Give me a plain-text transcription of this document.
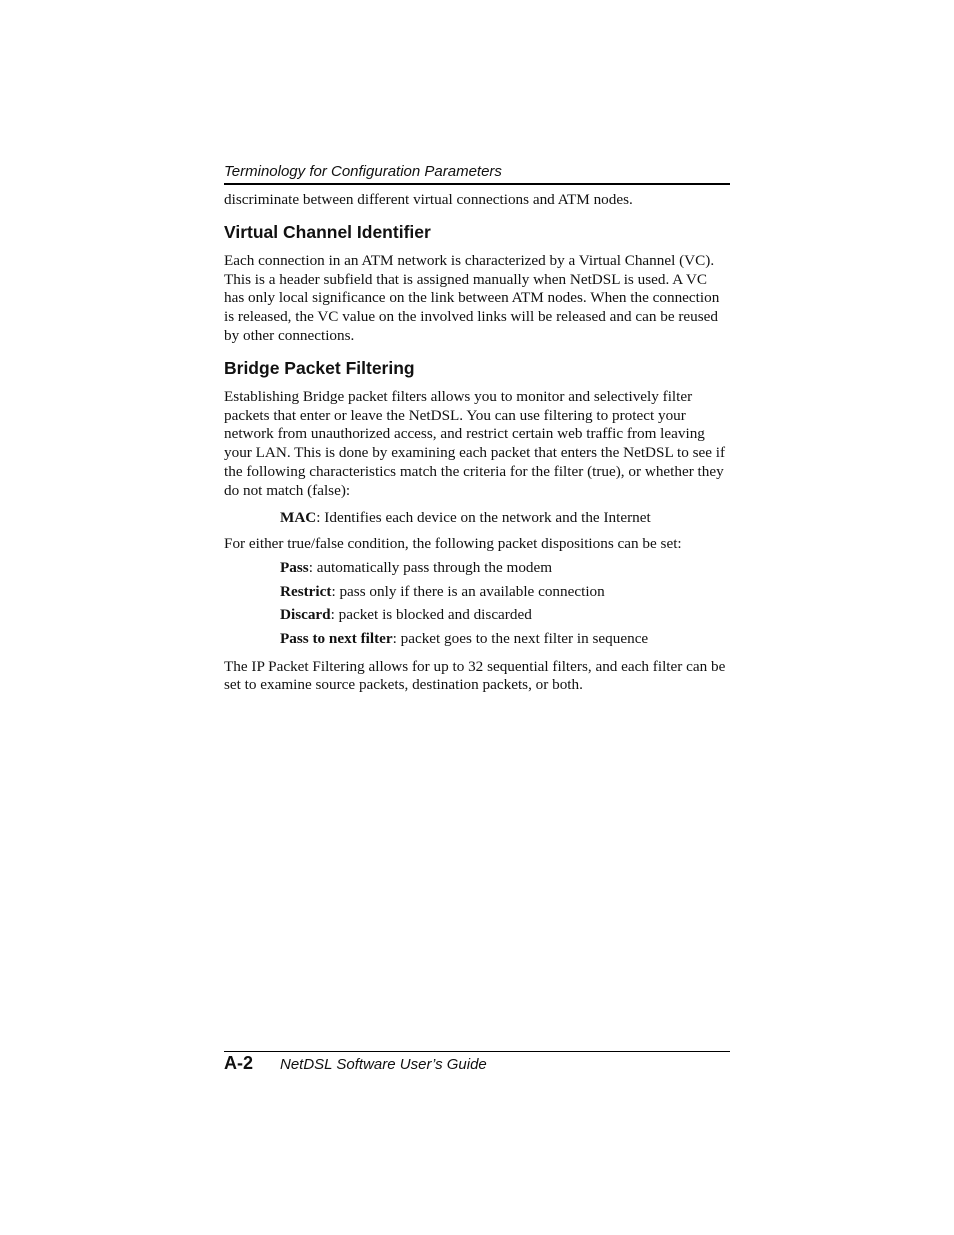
Terminology for Configuration Parameters

discriminate between different virtual connections and ATM nodes.

Virtual Channel Identifier

Each connection in an ATM network is characterized by a Virtual Channel (VC). This is a header subfield that is assigned manually when NetDSL is used. A VC has only local significance on the link between ATM nodes. When the connection is released, the VC value on the involved links will be released and can be reused by other connections.

Bridge Packet Filtering

Establishing Bridge packet filters allows you to monitor and selectively filter packets that enter or leave the NetDSL. You can use filtering to protect your network from unauthorized access, and restrict certain web traffic from leaving your LAN. This is done by examining each packet that enters the NetDSL to see if the following characteristics match the criteria for the filter (true), or whether they do not match (false):

MAC: Identifies each device on the network and the Internet

For either true/false condition, the following packet dispositions can be set:

Pass: automatically pass through the modem

Restrict: pass only if there is an available connection

Discard: packet is blocked and discarded

Pass to next filter: packet goes to the next filter in sequence

The IP Packet Filtering allows for up to 32 sequential filters, and each filter can be set to examine source packets, destination packets, or both.

A-2 NetDSL Software User’s Guide
